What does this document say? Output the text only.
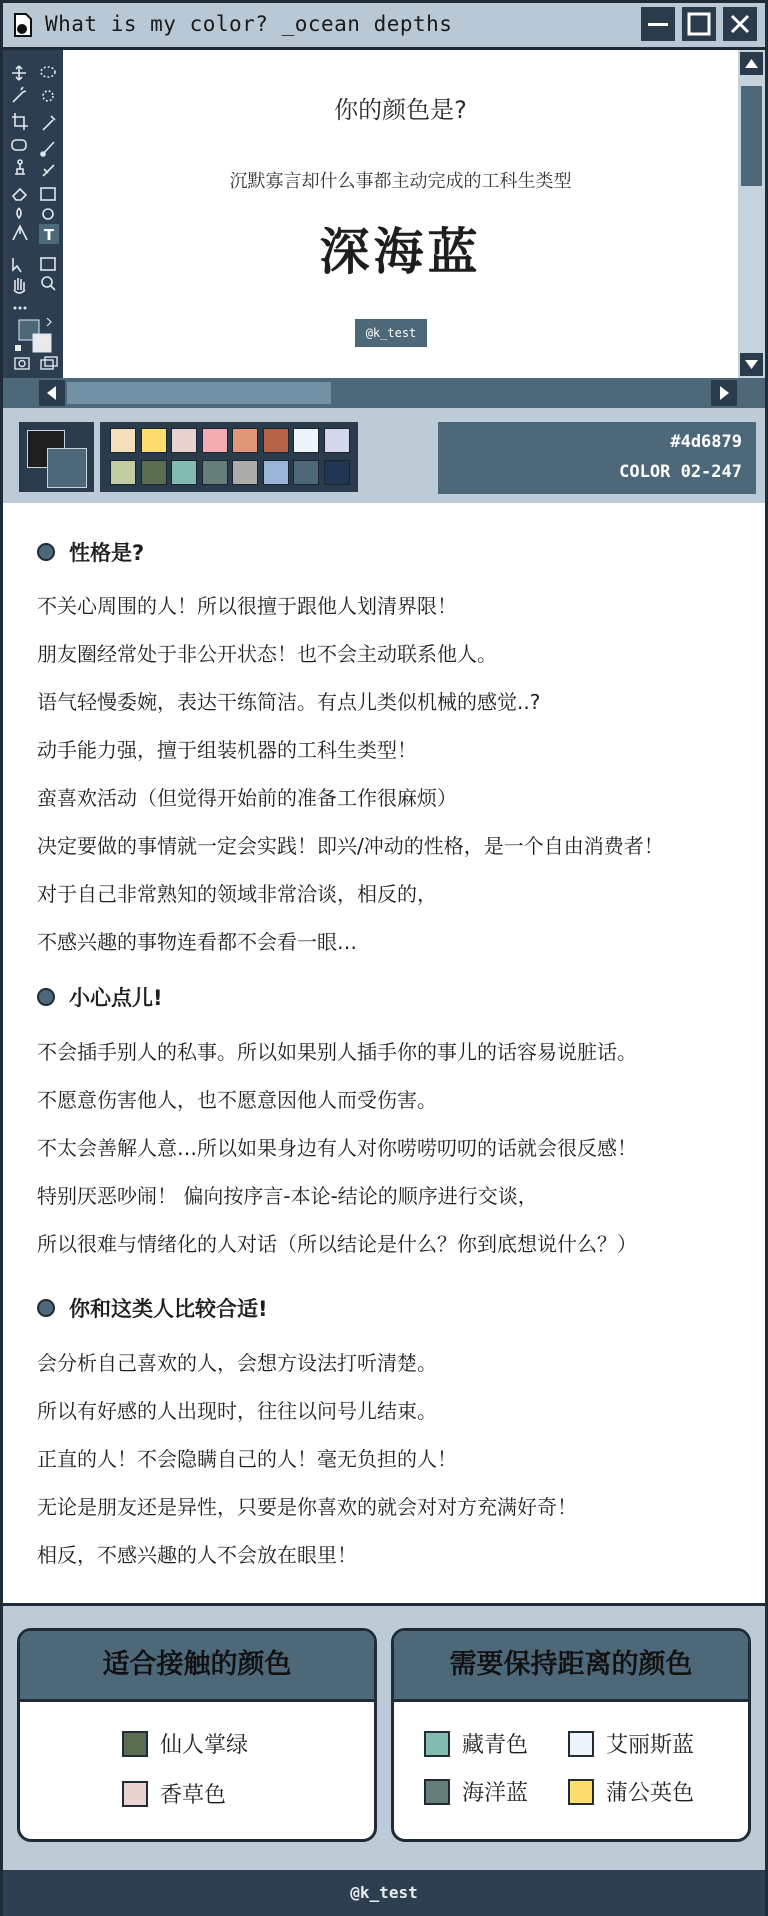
What is my color? _ocean depths
T
你的颜色是?
沉默寡言却什么事都主动完成的工科生类型
深海蓝
@k_test
#4d6879
COLOR 02-247
性格是?
不关心周围的人！所以很擅于跟他人划清界限！
朋友圈经常处于非公开状态！也不会主动联系他人。
语气轻慢委婉，表达干练简洁。有点儿类似机械的感觉..?
动手能力强，擅于组装机器的工科生类型！
蛮喜欢活动（但觉得开始前的准备工作很麻烦）
决定要做的事情就一定会实践！即兴/冲动的性格，是一个自由消费者！
对于自己非常熟知的领域非常洽谈，相反的，
不感兴趣的事物连看都不会看一眼…
小心点儿!
不会插手别人的私事。所以如果别人插手你的事儿的话容易说脏话。
不愿意伤害他人，也不愿意因他人而受伤害。
不太会善解人意…所以如果身边有人对你唠唠叨叨的话就会很反感！
特别厌恶吵闹！ 偏向按序言-本论-结论的顺序进行交谈，
所以很难与情绪化的人对话（所以结论是什么？你到底想说什么？）
你和这类人比较合适!
会分析自己喜欢的人，会想方设法打听清楚。
所以有好感的人出现时，往往以问号儿结束。
正直的人！不会隐瞒自己的人！毫无负担的人！
无论是朋友还是异性，只要是你喜欢的就会对对方充满好奇！
相反，不感兴趣的人不会放在眼里！
适合接触的颜色
仙人掌绿
香草色
需要保持距离的颜色
藏青色	艾丽斯蓝
海洋蓝	蒲公英色
@k_test
